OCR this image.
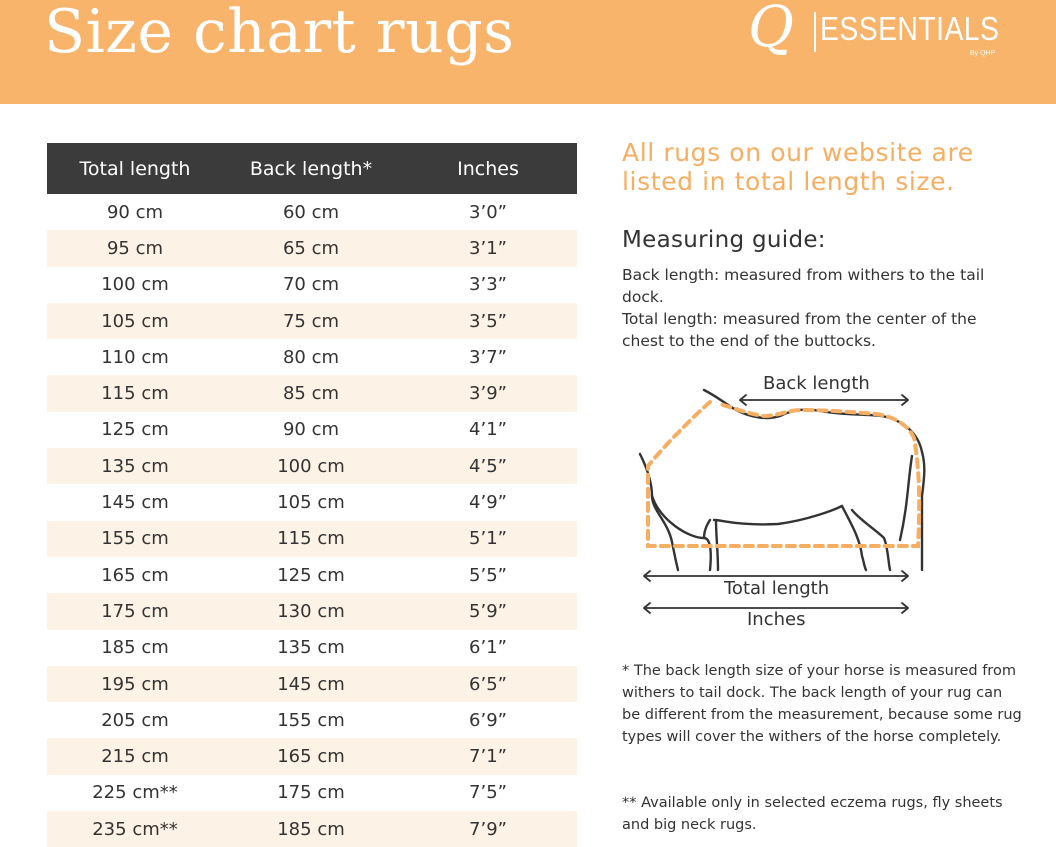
Size chart rugs	Q ESSENTIALS
By QHP
Total length	Back length*	Inches
90 cm	60 cm	3’0”
95 cm	65 cm	3’1”
100 cm	70 cm	3’3”
105 cm	75 cm	3’5”
110 cm	80 cm	3’7”
115 cm	85 cm	3’9”
125 cm	90 cm	4’1”
135 cm	100 cm	4’5”
145 cm	105 cm	4’9”
155 cm	115 cm	5’1”
165 cm	125 cm	5’5”
175 cm	130 cm	5’9”
185 cm	135 cm	6’1”
195 cm	145 cm	6’5”
205 cm	155 cm	6’9”
215 cm	165 cm	7’1”
225 cm**	175 cm	7’5”
235 cm**	185 cm	7’9”
All rugs on our website are listed in total length size.
Measuring guide:

Back length: measured from withers to the tail dock.

Total length: measured from the center of the chest to the end of the buttocks.

Back length
Total length
Inches
* The back length size of your horse is measured from withers to tail dock. The back length of your rug can be different from the measurement, because some rug types will cover the withers of the horse completely.
** Available only in selected eczema rugs, fly sheets and big neck rugs.
